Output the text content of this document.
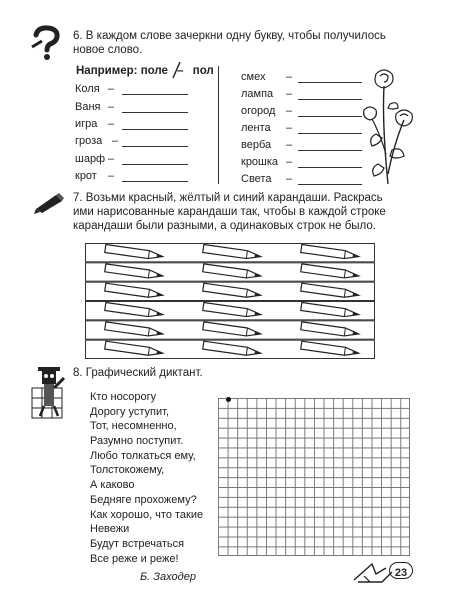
6. В каждом слове зачеркни одну букву, чтобы получилось
новое слово.
Например: поле – пол
Коля
Ваня
игра
гроза
шарф
крот
–
–
–
–
–
–
смех
лампа
огород
лента
верба
крошка
Света
–
–
–
–
–
–
–
7. Возьми красный, жёлтый и синий карандаши. Раскрась
ими нарисованные карандаши так, чтобы в каждой строке
карандаши были разными, а одинаковых строк не было.
8. Графический диктант.
Кто носорогу
Дорогу уступит,
Тот, несомненно,
Разумно поступит.
Любо толкаться ему,
Толстокожему,
А каково
Бедняге прохожему?
Как хорошо, что такие
Невежи
Будут встречаться
Все реже и реже!
Б. Заходер	23
